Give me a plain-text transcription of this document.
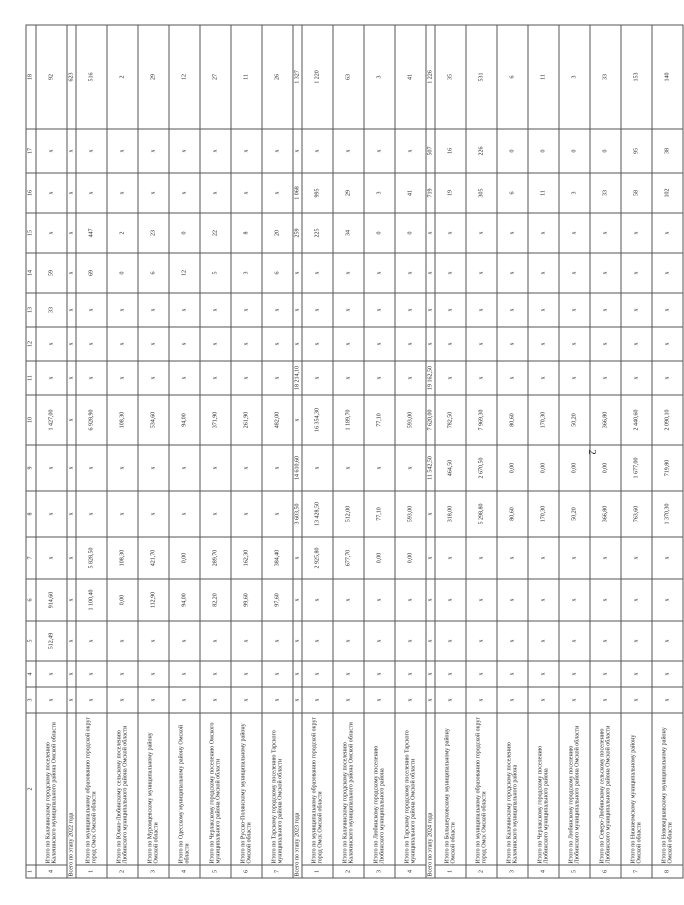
2
1	2	3	4	5	6	7	8	9	10	11	12	13	14	15	16	17	18
4	Итого по Калачинскому городскому поселению Калачинского муниципального района Омской области	x	x	512,49	914,60	x	x	x	1 427,00	x	x	33	59	x	x	x	92
Всего по этапу 2022 года		x	x	x	x	x	x	x	x	x	x	x	x	x	x	x	623
1	Итого по муниципальному образованию городской округ город Омск Омской области	x	x	x	1 100,40	5 828,50	x	x	6 928,90	x	x	x	69	447	x	x	516
2	Итого по Южно-Любинскому сельскому поселению Любинского муниципального района Омской области	x	x	x	0,00	108,30	x	x	108,30	x	x	x	0	2	x	x	2
3	Итого по Муромцевскому муниципальному району Омской области	x	x	x	112,90	421,70	x	x	534,60	x	x	x	6	23	x	x	29
4	Итого по Одесскому муниципальному району Омской области	x	x	x	94,00	0,00	x	x	94,00	x	x	x	12	0	x	x	12
5	Итого по Черлакскому городскому поселению Омского муниципального района Омской области	x	x	x	82,20	289,70	x	x	371,90	x	x	x	5	22	x	x	27
6	Итого по Русско-Полянскому муниципальному району Омской области	x	x	x	99,60	162,30	x	x	261,90	x	x	x	3	8	x	x	11
7	Итого по Тарскому городскому поселению Тарского муниципального района Омской области	x	x	x	97,60	384,40	x	x	482,00	x	x	x	6	20	x	x	26
Всего по этапу 2023 года		x	x	x	x	x	3 603,50	14 610,60	x	18 214,10	x	x	x	259	1 068	x	1 327
1	Итого по муниципальному образованию городской округ город Омск Омской области	x	x	x	x	2 925,80	13 428,50	x	16 354,30	x	x	x	x	225	995	x	1 220
2	Итого по Калачинскому городскому поселению Калачинского муниципального района Омской области	x	x	x	x	677,70	512,00	x	1 189,70	x	x	x	x	34	29	x	63
3	Итого по Любинскому городскому поселению Любинского муниципального района	x	x	x	x	0,00	77,10	x	77,10	x	x	x	x	0	3	x	3
4	Итого по Тарскому городскому поселению Тарского муниципального района Омской области	x	x	x	x	0,00	593,00	x	593,00	x	x	x	x	0	41	x	41
Всего по этапу 2024 года		x	x	x	x	x	x	11 542,50	7 620,00	19 162,50	x	x	x	x	719	507	1 226
1	Итого по Большеуковскому муниципальному району Омской области	x	x	x	x	x	318,00	464,50	782,50	x	x	x	x	x	19	16	35
2	Итого по муниципальному образованию городской округ город Омск Омской области	x	x	x	x	x	5 298,80	2 670,50	7 969,30	x	x	x	x	x	305	226	531
3	Итого по Калачинскому городскому поселению Калачинского муниципального района	x	x	x	x	x	80,60	0,00	80,60	x	x	x	x	x	6	0	6
4	Итого по Черлакскому городскому поселению Любинского муниципального района	x	x	x	x	x	170,30	0,00	170,30	x	x	x	x	x	11	0	11
5	Итого по Любинскому городскому поселению Любинского муниципального района Омской области	x	x	x	x	x	50,20	0,00	50,20	x	x	x	x	x	3	0	3
6	Итого по Северо-Любинскому сельскому поселению Любинского муниципального района Омской области	x	x	x	x	x	366,80	0,00	366,80	x	x	x	x	x	33	0	33
7	Итого по Нижнеомскому муниципальному району Омской области	x	x	x	x	x	763,60	1 677,00	2 440,60	x	x	x	x	x	58	95	153
8	Итого по Нововаршавскому муниципальному району Омской области	x	x	x	x	x	1 370,30	719,80	2 090,10	x	x	x	x	x	102	38	140
